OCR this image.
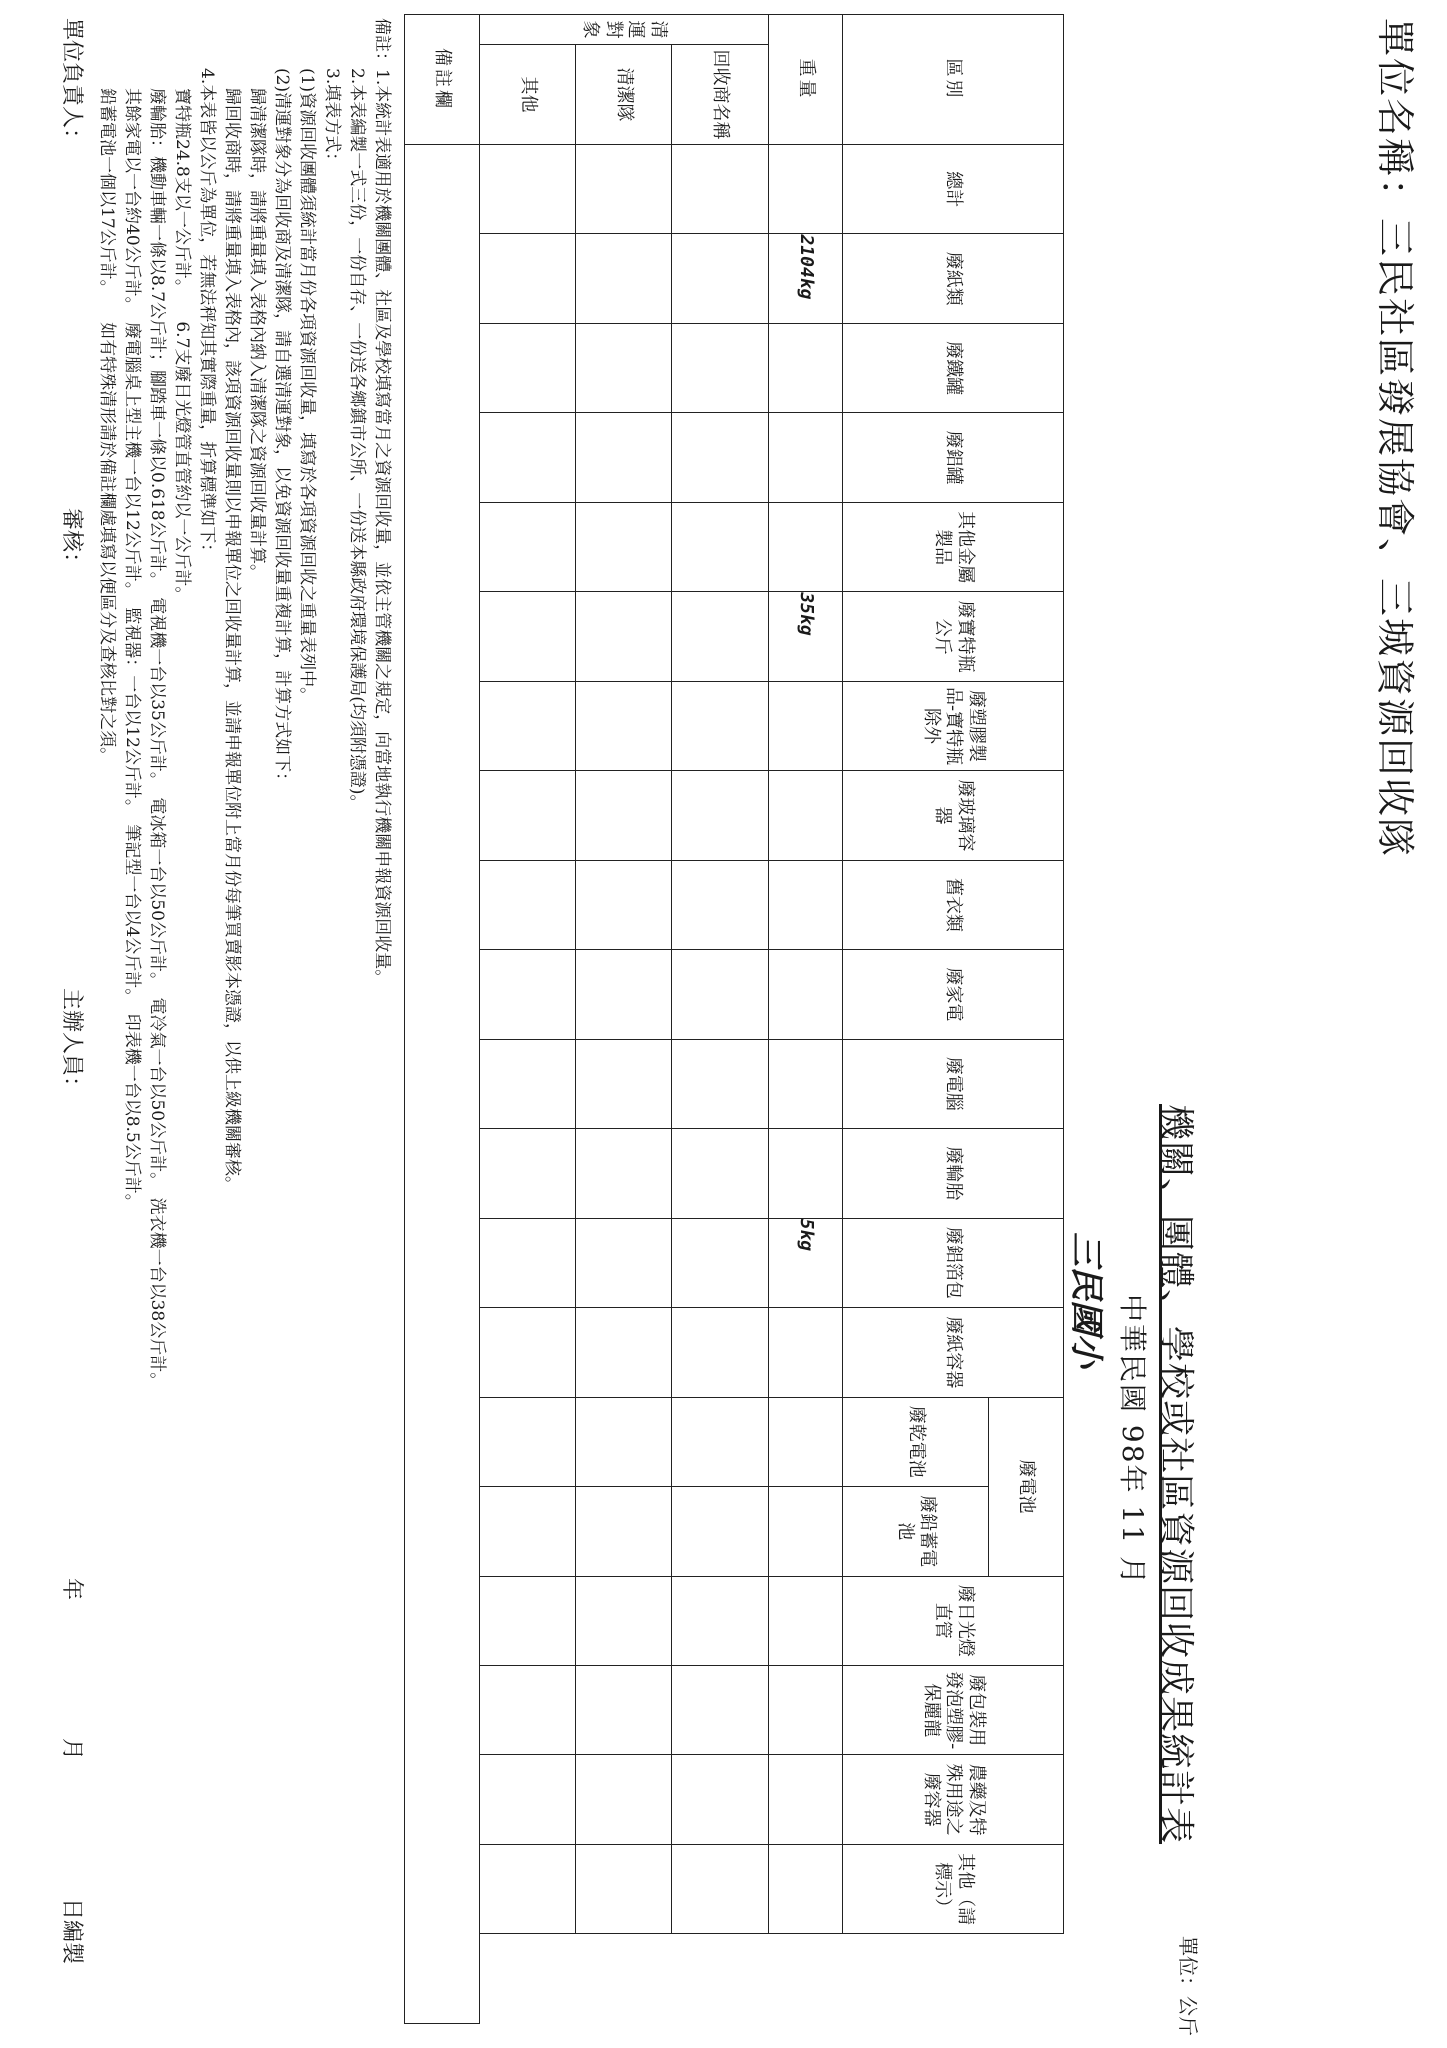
單位名稱：三民社區發展協會、三城資源回收隊
機關、團體、學校或社區資源回收成果統計表
中華民國 98年 11 月
三民國小
單位：公斤
區別		總計	廢紙類	廢鐵罐	廢鋁罐	其他金屬製品	廢寶特瓶公斤	廢塑膠製品-寶特瓶除外	廢玻璃容器	舊衣類	廢家電	廢電腦	廢輪胎	廢鋁箔包	廢紙容器	廢電池		廢日光燈直管	廢包裝用發泡塑膠-保麗龍	農藥及特殊用途之廢容器	其他（請標示）
																廢乾電池	廢鉛蓄電池				
重量			2104kg				35kg							5kg							
清運對象	回收商名稱																				
	清潔隊																				
	其他																				
備註欄																					
備註：1.本統計表適用於機關團體、社區及學校填寫當月之資源回收量，並依主管機關之規定，向當地執行機關申報資源回收量。
2.本表編製一式三份，一份自存、一份送各鄉鎮市公所、一份送本縣政府環境保護局(均須附憑證)。
3.填表方式：
(1)資源回收團體須統計當月份各項資源回收量，填寫於各項資源回收之重量表列中。
(2)清運對象分為回收商及清潔隊，請自選清運對象，以免資源回收量重複計算，計算方式如下：
歸清潔隊時，請將重量填入表格內納入清潔隊之資源回收量計算。
歸回收商時，請將重量填入表格內，該項資源回收量則以申報單位之回收量計算，並請申報單位附上當月份每筆買賣影本憑證，以供上級機關審核。
4.本表皆以公斤為單位，若無法秤知其實際重量，折算標準如下：
寶特瓶24.8支以一公斤計。　　6.7支廢日光燈管直管約以一公斤計。
廢輪胎：機動車輛一條以8.7公斤計；腳踏車一條以0.618公斤計。　電視機一台以35公斤計。　電冰箱一台以50公斤計。　電冷氣一台以50公斤計。　洗衣機一台以38公斤計。
其餘家電以一台約40公斤計。　廢電腦桌上型主機一台以12公斤計。　監視器：一台以12公斤計。　筆記型一台以4公斤計。　印表機一台以8.5公斤計。
鉛蓄電池一個以17公斤計。　　如有特殊清形請於備註欄處填寫以便區分及查核比對之須。
單位負責人：
審核：
主辦人員：
年
月
日編製
